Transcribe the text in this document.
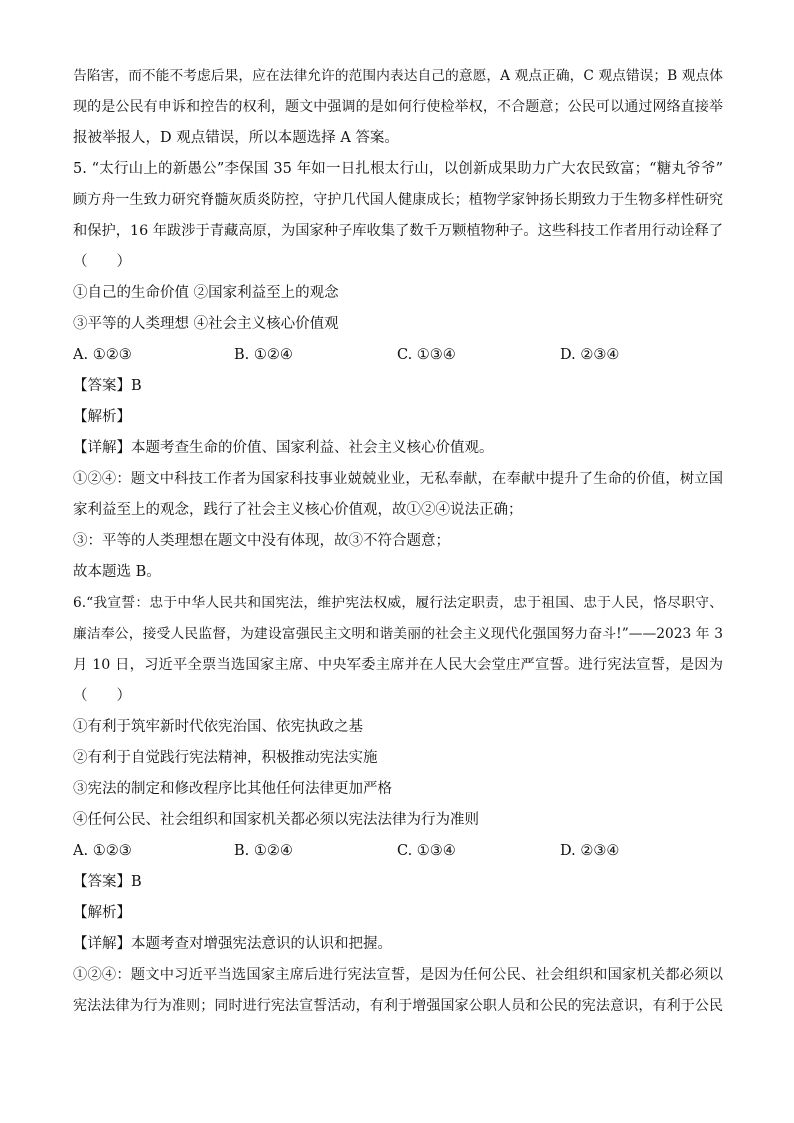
告陷害，而不能不考虑后果，应在法律允许的范围内表达自己的意愿，A 观点正确，C 观点错误；B 观点体
现的是公民有申诉和控告的权利，题文中强调的是如何行使检举权，不合题意；公民可以通过网络直接举
报被举报人，D 观点错误，所以本题选择 A 答案。
5. “太行山上的新愚公”李保国 35 年如一日扎根太行山，以创新成果助力广大农民致富；“糖丸爷爷”
顾方舟一生致力研究脊髓灰质炎防控，守护几代国人健康成长；植物学家钟扬长期致力于生物多样性研究
和保护，16 年跋涉于青藏高原，为国家种子库收集了数千万颗植物种子。这些科技工作者用行动诠释了
（　　）
①自己的生命价值 ②国家利益至上的观念
③平等的人类理想 ④社会主义核心价值观
A. ①②③	B. ①②④	C. ①③④	D. ②③④
【答案】B
【解析】
【详解】本题考查生命的价值、国家利益、社会主义核心价值观。
①②④：题文中科技工作者为国家科技事业兢兢业业，无私奉献，在奉献中提升了生命的价值，树立国
家利益至上的观念，践行了社会主义核心价值观，故①②④说法正确；
③：平等的人类理想在题文中没有体现，故③不符合题意；
故本题选 B。
6.“我宣誓：忠于中华人民共和国宪法，维护宪法权威，履行法定职责，忠于祖国、忠于人民，恪尽职守、
廉洁奉公，接受人民监督，为建设富强民主文明和谐美丽的社会主义现代化强国努力奋斗!”——2023 年 3
月 10 日，习近平全票当选国家主席、中央军委主席并在人民大会堂庄严宣誓。进行宪法宣誓，是因为
（　　）
①有利于筑牢新时代依宪治国、依宪执政之基
②有利于自觉践行宪法精神，积极推动宪法实施
③宪法的制定和修改程序比其他任何法律更加严格
④任何公民、社会组织和国家机关都必须以宪法法律为行为准则
A. ①②③	B. ①②④	C. ①③④	D. ②③④
【答案】B
【解析】
【详解】本题考查对增强宪法意识的认识和把握。
①②④：题文中习近平当选国家主席后进行宪法宣誓，是因为任何公民、社会组织和国家机关都必须以
宪法法律为行为准则；同时进行宪法宣誓活动，有利于增强国家公职人员和公民的宪法意识，有利于公民
